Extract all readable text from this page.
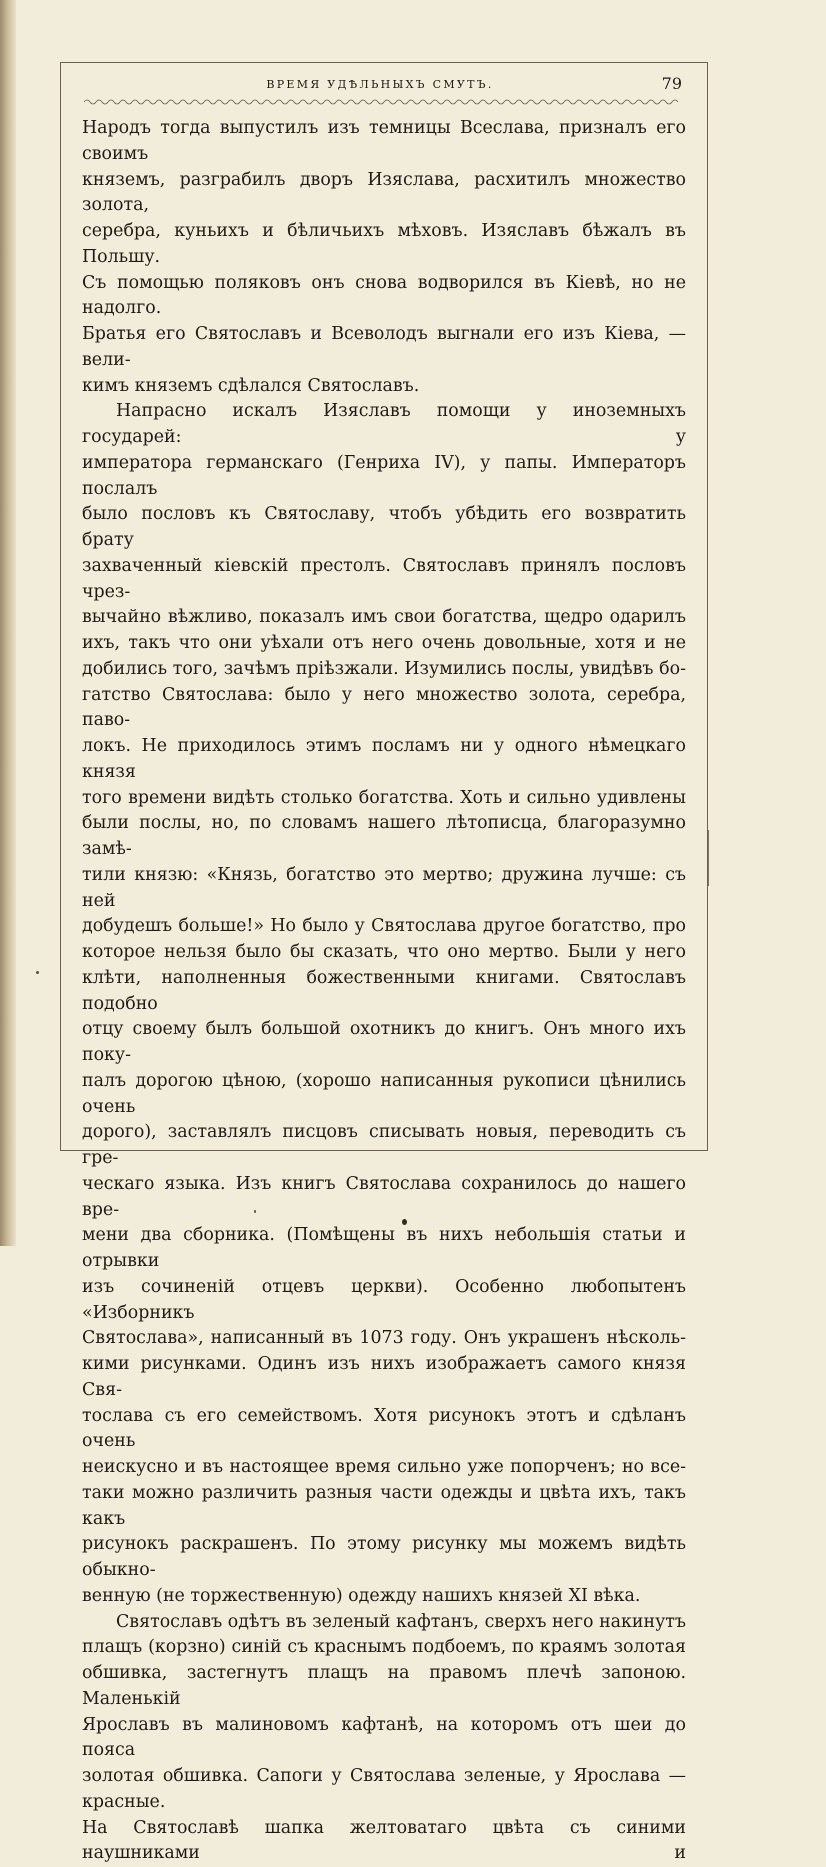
ВРЕМЯ УДѢЛЬНЫХЪ СМУТЪ.	79

Народъ тогда выпустилъ изъ темницы Всеслава, призналъ его своимъ

княземъ, разграбилъ дворъ Изяслава, расхитилъ множество золота,

серебра, куньихъ и бѣличьихъ мѣховъ. Изяславъ бѣжалъ въ Польшу.

Съ помощью поляковъ онъ снова водворился въ Кіевѣ, но не надолго.

Братья его Святославъ и Всеволодъ выгнали его изъ Кіева, —вели-

кимъ княземъ сдѣлался Святославъ.

Напрасно искалъ Изяславъ помощи у иноземныхъ государей: у

императора германскаго (Генриха IV), у папы. Императоръ послалъ

было пословъ къ Святославу, чтобъ убѣдить его возвратить брату

захваченный кіевскій престолъ. Святославъ принялъ пословъ чрез-

вычайно вѣжливо, показалъ имъ свои богатства, щедро одарилъ

ихъ, такъ что они уѣхали отъ него очень довольные, хотя и не

добились того, зачѣмъ пріѣзжали. Изумились послы, увидѣвъ бо-

гатство Святослава: было у него множество золота, серебра, паво-

локъ. Не приходилось этимъ посламъ ни у одного нѣмецкаго князя

того времени видѣть столько богатства. Хоть и сильно удивлены

были послы, но, по словамъ нашего лѣтописца, благоразумно замѣ-

тили князю: «Князь, богатство это мертво; дружина лучше: съ ней

добудешъ больше!» Но было у Святослава другое богатство, про

которое нельзя было бы сказать, что оно мертво. Были у него

клѣти, наполненныя божественными книгами. Святославъ подобно

отцу своему былъ большой охотникъ до книгъ. Онъ много ихъ поку-

палъ дорогою цѣною, (хорошо написанныя рукописи цѣнились очень

дорого), заставлялъ писцовъ списывать новыя, переводить съ гре-

ческаго языка. Изъ книгъ Святослава сохранилось до нашего вре-

мени два сборника. (Помѣщены въ нихъ небольшія статьи и отрывки

изъ сочиненій отцевъ церкви). Особенно любопытенъ «Изборникъ

Святослава», написанный въ 1073 году. Онъ украшенъ нѣсколь-

кими рисунками. Одинъ изъ нихъ изображаетъ самого князя Свя-

тослава съ его семействомъ. Хотя рисунокъ этотъ и сдѣланъ очень

неискусно и въ настоящее время сильно уже попорченъ; но все-

таки можно различить разныя части одежды и цвѣта ихъ, такъ какъ

рисунокъ раскрашенъ. По этому рисунку мы можемъ видѣть обыкно-

венную (не торжественную) одежду нашихъ князей XI вѣка.

Святославъ одѣтъ въ зеленый кафтанъ, сверхъ него накинутъ

плащъ (корзно) синій съ краснымъ подбоемъ, по краямъ золотая

обшивка, застегнутъ плащъ на правомъ плечѣ запоною. Маленькій

Ярославъ въ малиновомъ кафтанѣ, на которомъ отъ шеи до пояса

золотая обшивка. Сапоги у Святослава зеленые, у Ярослава — красные.

На Святославѣ шапка желтоватаго цвѣта съ синими наушниками и
